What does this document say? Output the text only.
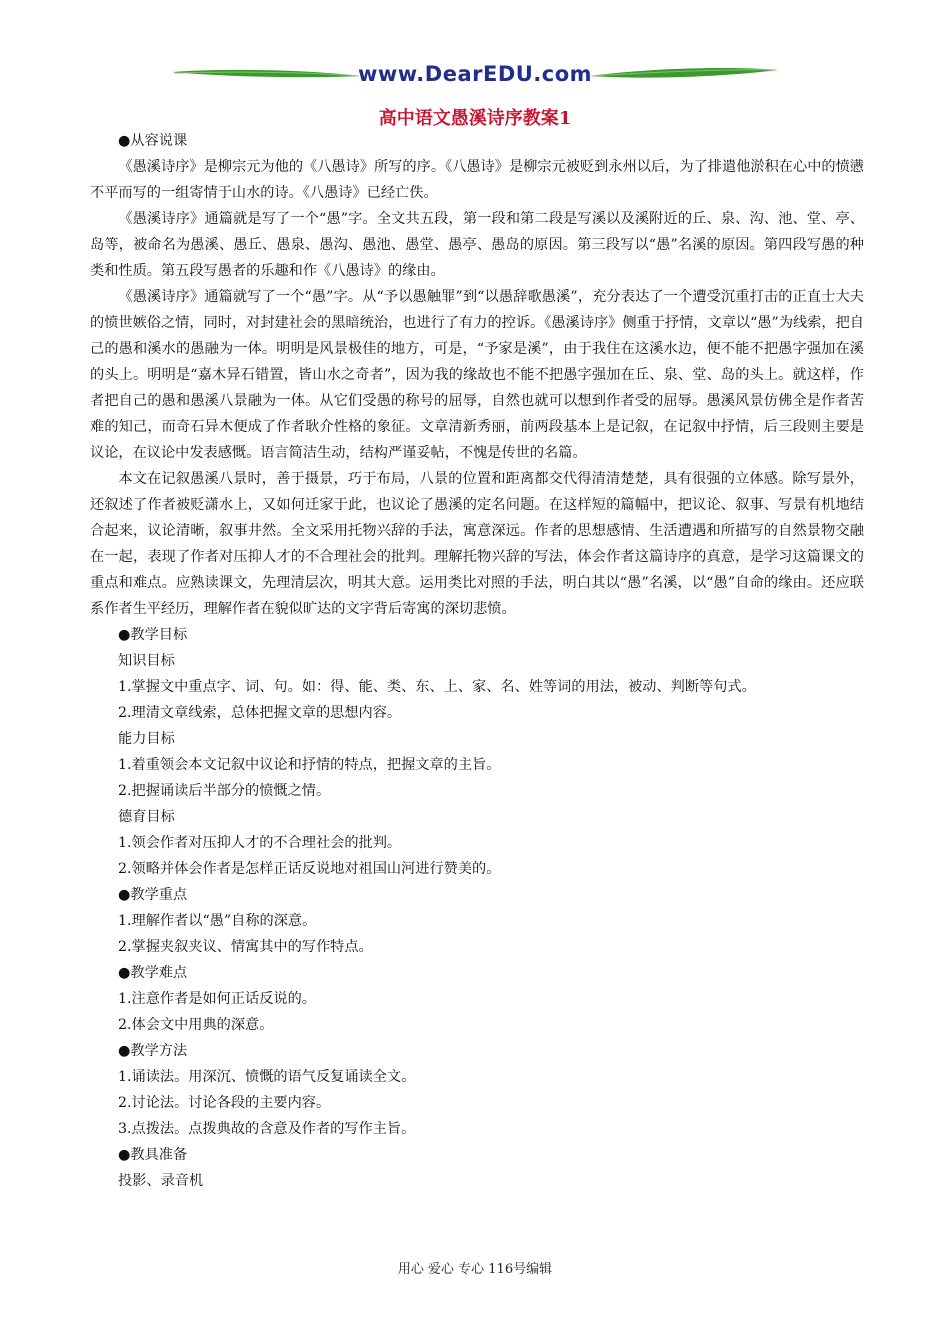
www.DearEDU.com
高中语文愚溪诗序教案1

●从容说课

《愚溪诗序》是柳宗元为他的《八愚诗》所写的序。《八愚诗》是柳宗元被贬到永州以后，为了排遣他淤积在心中的愤懑不平而写的一组寄情于山水的诗。《八愚诗》已经亡佚。

《愚溪诗序》通篇就是写了一个“愚”字。全文共五段，第一段和第二段是写溪以及溪附近的丘、泉、沟、池、堂、亭、岛等，被命名为愚溪、愚丘、愚泉、愚沟、愚池、愚堂、愚亭、愚岛的原因。第三段写以“愚”名溪的原因。第四段写愚的种类和性质。第五段写愚者的乐趣和作《八愚诗》的缘由。

《愚溪诗序》通篇就写了一个“愚”字。从“予以愚触罪”到“以愚辞歌愚溪”，充分表达了一个遭受沉重打击的正直士大夫的愤世嫉俗之情，同时，对封建社会的黑暗统治，也进行了有力的控诉。《愚溪诗序》侧重于抒情，文章以“愚”为线索，把自己的愚和溪水的愚融为一体。明明是风景极佳的地方，可是，“予家是溪”，由于我住在这溪水边，便不能不把愚字强加在溪的头上。明明是“嘉木异石错置，皆山水之奇者”，因为我的缘故也不能不把愚字强加在丘、泉、堂、岛的头上。就这样，作者把自己的愚和愚溪八景融为一体。从它们受愚的称号的屈辱，自然也就可以想到作者受的屈辱。愚溪风景仿佛全是作者苦难的知己，而奇石异木便成了作者耿介性格的象征。文章清新秀丽，前两段基本上是记叙，在记叙中抒情，后三段则主要是议论，在议论中发表感慨。语言简洁生动，结构严谨妥帖，不愧是传世的名篇。

本文在记叙愚溪八景时，善于摄景，巧于布局，八景的位置和距离都交代得清清楚楚，具有很强的立体感。除写景外，还叙述了作者被贬潇水上，又如何迁家于此，也议论了愚溪的定名问题。在这样短的篇幅中，把议论、叙事、写景有机地结合起来，议论清晰，叙事井然。全文采用托物兴辞的手法，寓意深远。作者的思想感情、生活遭遇和所描写的自然景物交融在一起，表现了作者对压抑人才的不合理社会的批判。理解托物兴辞的写法，体会作者这篇诗序的真意，是学习这篇课文的重点和难点。应熟读课文，先理清层次，明其大意。运用类比对照的手法，明白其以“愚”名溪，以“愚”自命的缘由。还应联系作者生平经历，理解作者在貌似旷达的文字背后寄寓的深切悲愤。

●教学目标

知识目标

1.掌握文中重点字、词、句。如：得、能、类、东、上、家、名、姓等词的用法，被动、判断等句式。

2.理清文章线索，总体把握文章的思想内容。

能力目标

1.着重领会本文记叙中议论和抒情的特点，把握文章的主旨。

2.把握诵读后半部分的愤慨之情。

德育目标

1.领会作者对压抑人才的不合理社会的批判。

2.领略并体会作者是怎样正话反说地对祖国山河进行赞美的。

●教学重点

1.理解作者以“愚”自称的深意。

2.掌握夹叙夹议、情寓其中的写作特点。

●教学难点

1.注意作者是如何正话反说的。

2.体会文中用典的深意。

●教学方法

1.诵读法。用深沉、愤慨的语气反复诵读全文。

2.讨论法。讨论各段的主要内容。

3.点拨法。点拨典故的含意及作者的写作主旨。

●教具准备

投影、录音机

用心 爱心 专心 116号编辑
